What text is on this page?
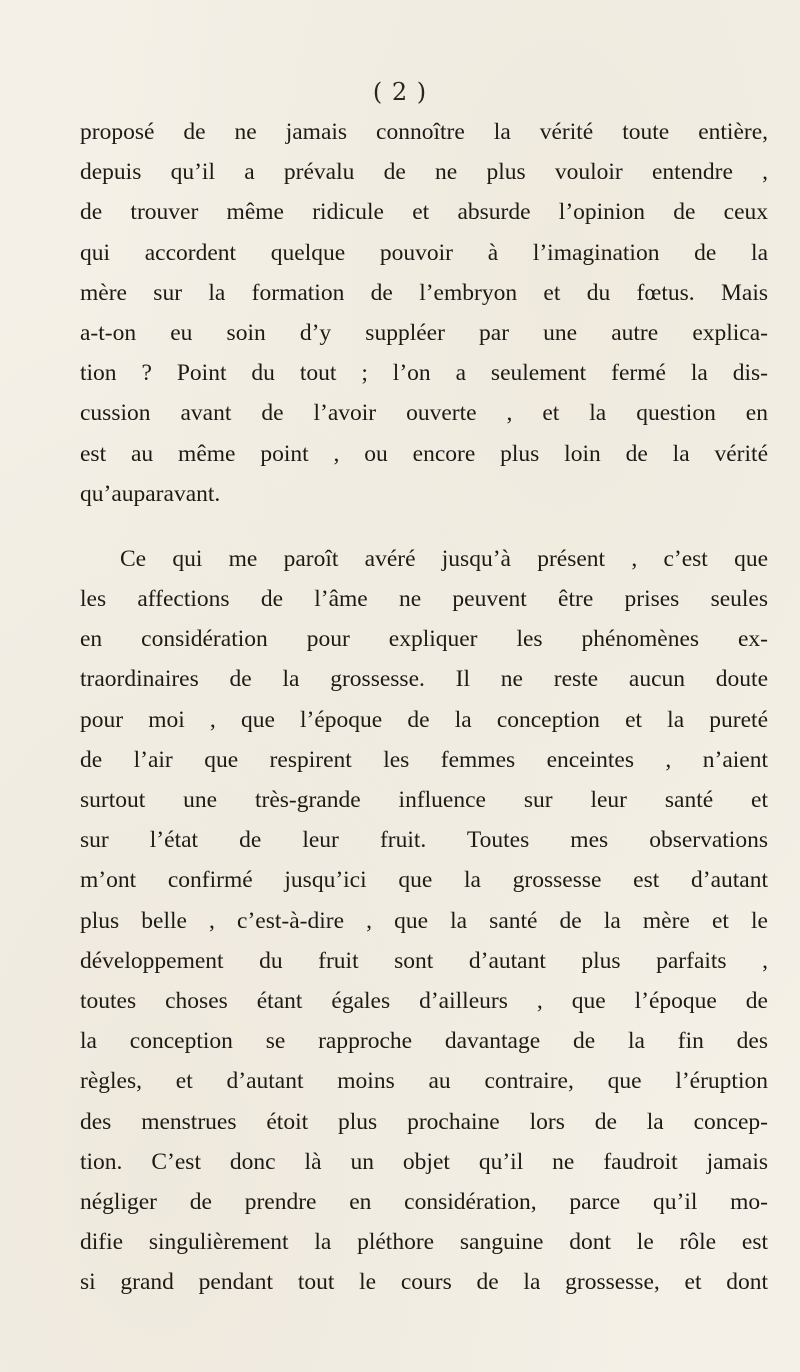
( 2 )
proposé de ne jamais connoître la vérité toute entière,
depuis qu’il a prévalu de ne plus vouloir entendre ,
de trouver même ridicule et absurde l’opinion de ceux
qui accordent quelque pouvoir à l’imagination de la
mère sur la formation de l’embryon et du fœtus. Mais
a-t-on eu soin d’y suppléer par une autre explica-
tion ? Point du tout ; l’on a seulement fermé la dis-
cussion avant de l’avoir ouverte , et la question en
est au même point , ou encore plus loin de la vérité
qu’auparavant.
Ce qui me paroît avéré jusqu’à présent , c’est que
les affections de l’âme ne peuvent être prises seules
en considération pour expliquer les phénomènes ex-
traordinaires de la grossesse. Il ne reste aucun doute
pour moi , que l’époque de la conception et la pureté
de l’air que respirent les femmes enceintes , n’aient
surtout une très-grande influence sur leur santé et
sur l’état de leur fruit. Toutes mes observations
m’ont confirmé jusqu’ici que la grossesse est d’autant
plus belle , c’est-à-dire , que la santé de la mère et le
développement du fruit sont d’autant plus parfaits ,
toutes choses étant égales d’ailleurs , que l’époque de
la conception se rapproche davantage de la fin des
règles, et d’autant moins au contraire, que l’éruption
des menstrues étoit plus prochaine lors de la concep-
tion. C’est donc là un objet qu’il ne faudroit jamais
négliger de prendre en considération, parce qu’il mo-
difie singulièrement la pléthore sanguine dont le rôle est
si grand pendant tout le cours de la grossesse, et dont
